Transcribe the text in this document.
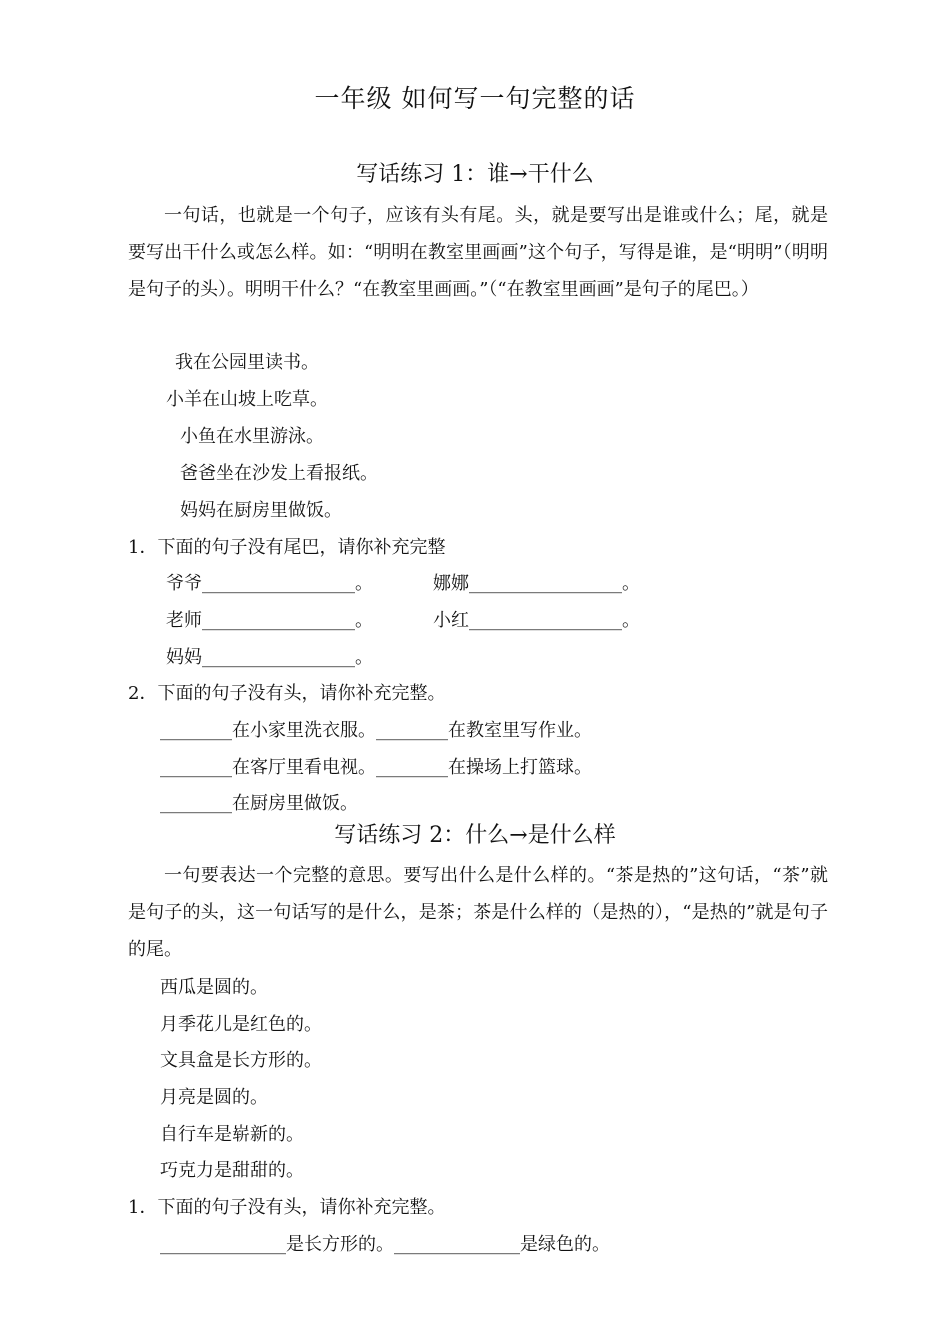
一年级 如何写一句完整的话
写话练习 1：谁→干什么
一句话，也就是一个句子，应该有头有尾。头，就是要写出是谁或什么；尾，就是要写出干什么或怎么样。如：“明明在教室里画画”这个句子，写得是谁，是“明明”（明明是句子的头）。明明干什么？“在教室里画画。”（“在教室里画画”是句子的尾巴。）
我在公园里读书。
小羊在山坡上吃草。
小鱼在水里游泳。
爸爸坐在沙发上看报纸。
妈妈在厨房里做饭。
1．下面的句子没有尾巴，请你补充完整
爷爷_________________。	娜娜_________________。
老师_________________。	小红_________________。
妈妈_________________。
2．下面的句子没有头，请你补充完整。
________在小家里洗衣服。________在教室里写作业。
________在客厅里看电视。________在操场上打篮球。
________在厨房里做饭。
写话练习 2：什么→是什么样
一句要表达一个完整的意思。要写出什么是什么样的。“茶是热的”这句话，“茶”就是句子的头，这一句话写的是什么，是茶；茶是什么样的（是热的），“是热的”就是句子的尾。
西瓜是圆的。
月季花儿是红色的。
文具盒是长方形的。
月亮是圆的。
自行车是崭新的。
巧克力是甜甜的。
1．下面的句子没有头，请你补充完整。
______________是长方形的。______________是绿色的。
